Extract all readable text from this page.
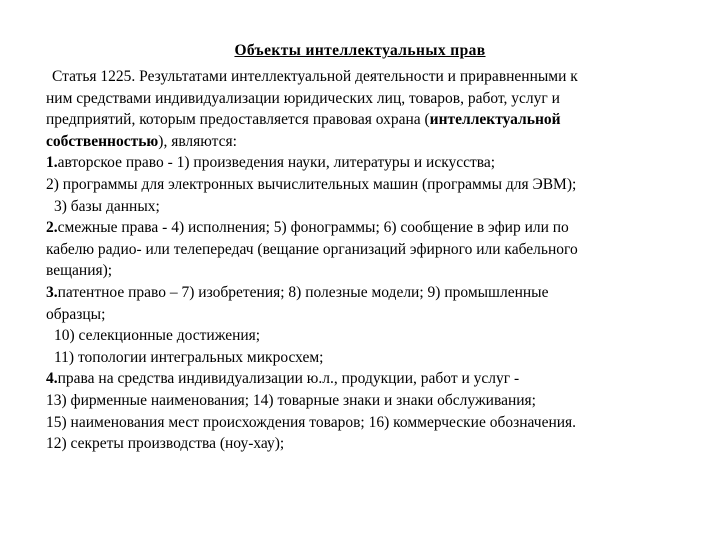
Объекты интеллектуальных прав
Статья 1225. Результатами интеллектуальной деятельности и приравненными к
ним средствами индивидуализации юридических лиц, товаров, работ, услуг и
предприятий, которым предоставляется правовая охрана (интеллектуальной
собственностью), являются:
1.авторское право - 1) произведения науки, литературы и искусства;
2) программы для электронных вычислительных машин (программы для ЭВМ);
3) базы данных;
2.смежные права - 4) исполнения; 5) фонограммы; 6) сообщение в эфир или по
кабелю радио- или телепередач (вещание организаций эфирного или кабельного
вещания);
3.патентное право – 7) изобретения; 8) полезные модели; 9) промышленные
образцы;
10) селекционные достижения;
11) топологии интегральных микросхем;
4.права на средства индивидуализации ю.л., продукции, работ и услуг -
13) фирменные наименования; 14) товарные знаки и знаки обслуживания;
15) наименования мест происхождения товаров; 16) коммерческие обозначения.
12) секреты производства (ноу-хау);
